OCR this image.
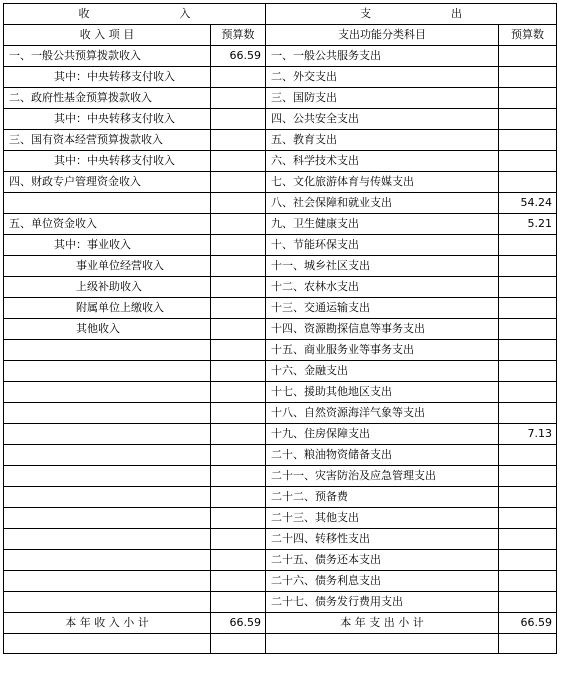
收 入		支 出	
收 入 项 目	预算数	支出功能分类科目	预算数
一、一般公共预算拨款收入	66.59	一、一般公共服务支出	
其中：中央转移支付收入		二、外交支出	
二、政府性基金预算拨款收入		三、国防支出	
其中：中央转移支付收入		四、公共安全支出	
三、国有资本经营预算拨款收入		五、教育支出	
其中：中央转移支付收入		六、科学技术支出	
四、财政专户管理资金收入		七、文化旅游体育与传媒支出	
		八、社会保障和就业支出	54.24
五、单位资金收入		九、卫生健康支出	5.21
其中：事业收入		十、节能环保支出	
事业单位经营收入		十一、城乡社区支出	
上级补助收入		十二、农林水支出	
附属单位上缴收入		十三、交通运输支出	
其他收入		十四、资源勘探信息等事务支出	
		十五、商业服务业等事务支出	
		十六、金融支出	
		十七、援助其他地区支出	
		十八、自然资源海洋气象等支出	
		十九、住房保障支出	7.13
		二十、粮油物资储备支出	
		二十一、灾害防治及应急管理支出	
		二十二、预备费	
		二十三、其他支出	
		二十四、转移性支出	
		二十五、债务还本支出	
		二十六、债务利息支出	
		二十七、债务发行费用支出	
本 年 收 入 小 计	66.59	本 年 支 出 小 计	66.59
